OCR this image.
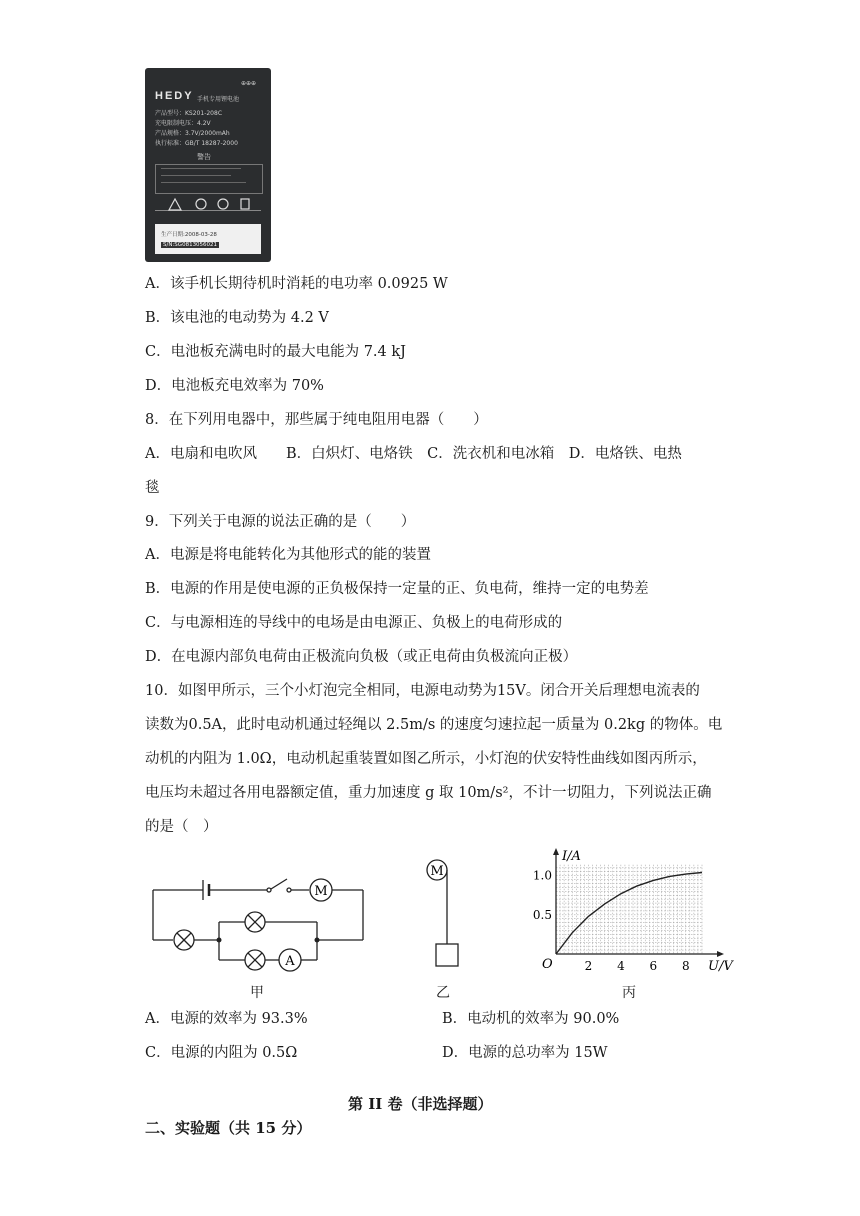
⊕⊕⊕
HEDY 手机专用锂电池
产品型号：KS201-208C
充电限制电压：4.2V
产品规格：3.7V/2000mAh
执行标准：GB/T 18287-2000
警告
生产日期:2008-03-28
S/N:SG0813056021
A．该手机长期待机时消耗的电功率 0.0925 W
B．该电池的电动势为 4.2 V
C．电池板充满电时的最大电能为 7.4 kJ
D．电池板充电效率为 70%
8．在下列用电器中，那些属于纯电阻用电器（　　）
A．电扇和电吹风　　B．白炽灯、电烙铁　C．洗衣机和电冰箱　D．电烙铁、电热
毯
9．下列关于电源的说法正确的是（　　）
A．电源是将电能转化为其他形式的能的装置
B．电源的作用是使电源的正负极保持一定量的正、负电荷，维持一定的电势差
C．与电源相连的导线中的电场是由电源正、负极上的电荷形成的
D．在电源内部负电荷由正极流向负极（或正电荷由负极流向正极）
10．如图甲所示，三个小灯泡完全相同，电源电动势为15V。闭合开关后理想电流表的
读数为0.5A，此时电动机通过轻绳以 2.5m/s 的速度匀速拉起一质量为 0.2kg 的物体。电
动机的内阻为 1.0Ω，电动机起重装置如图乙所示，小灯泡的伏安特性曲线如图丙所示，
电压均未超过各用电器额定值，重力加速度 g 取 10m/s²，不计一切阻力，下列说法正确
的是（　）
M
A
甲
M
乙
2 4 6 8
0.5
1.0
I/A
U/V
O
丙
A．电源的效率为 93.3%	B．电动机的效率为 90.0%
C．电源的内阻为 0.5Ω	D．电源的总功率为 15W
第 II 卷（非选择题）
二、实验题（共 15 分）
